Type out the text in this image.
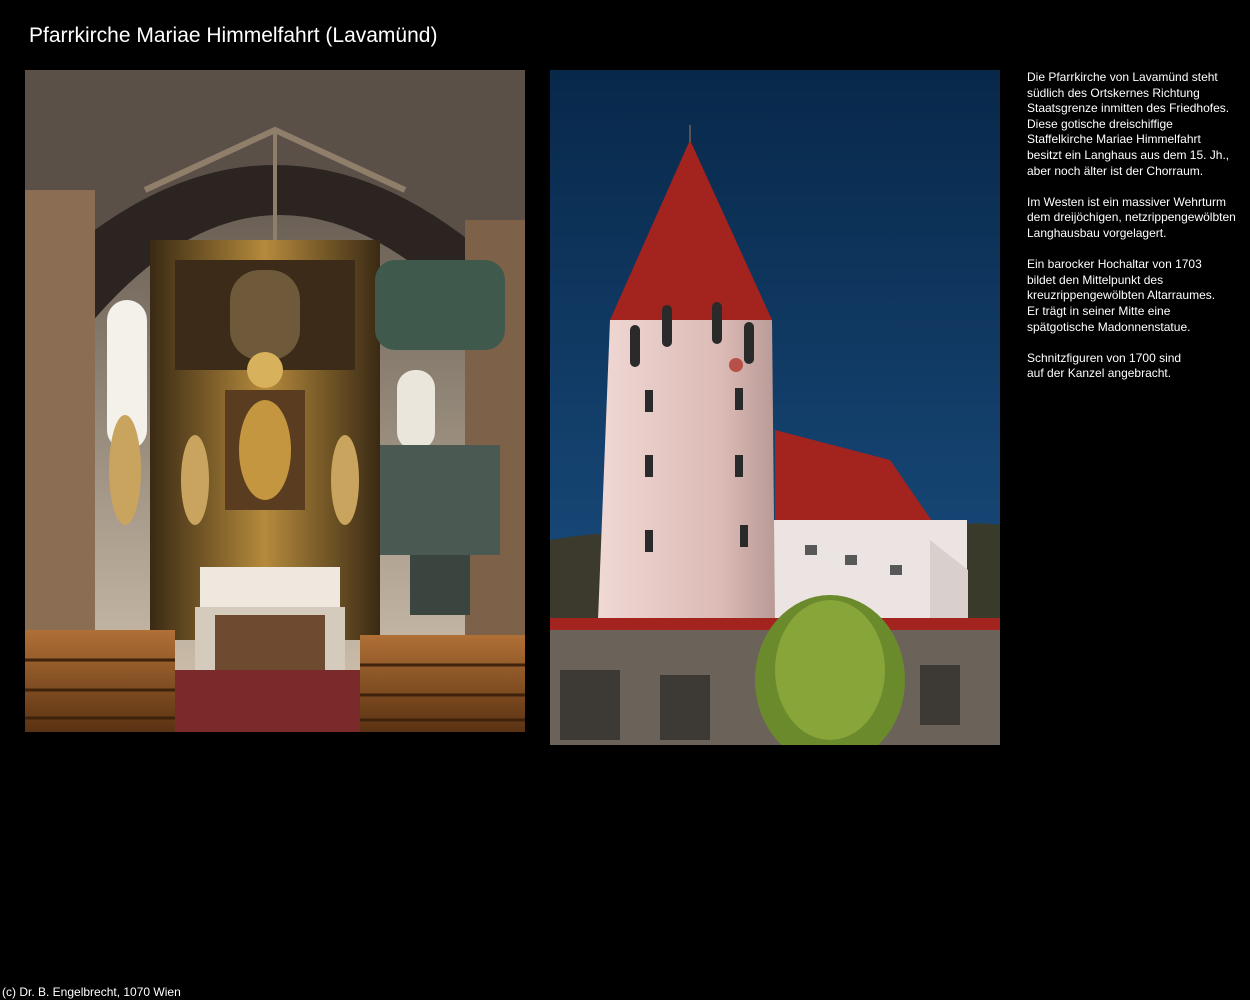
Pfarrkirche Mariae Himmelfahrt (Lavamünd)

Die Pfarrkirche von Lavamünd steht
südlich des Ortskernes Richtung
Staatsgrenze inmitten des Friedhofes.
Diese gotische dreischiffige
Staffelkirche Mariae Himmelfahrt
besitzt ein Langhaus aus dem 15. Jh.,
aber noch älter ist der Chorraum.

Im Westen ist ein massiver Wehrturm
dem dreijöchigen, netzrippengewölbten
Langhausbau vorgelagert.

Ein barocker Hochaltar von 1703
bildet den Mittelpunkt des
kreuzrippengewölbten Altarraumes.
Er trägt in seiner Mitte eine
spätgotische Madonnenstatue.

Schnitzfiguren von 1700 sind
auf der Kanzel angebracht.

(c) Dr. B. Engelbrecht, 1070 Wien
